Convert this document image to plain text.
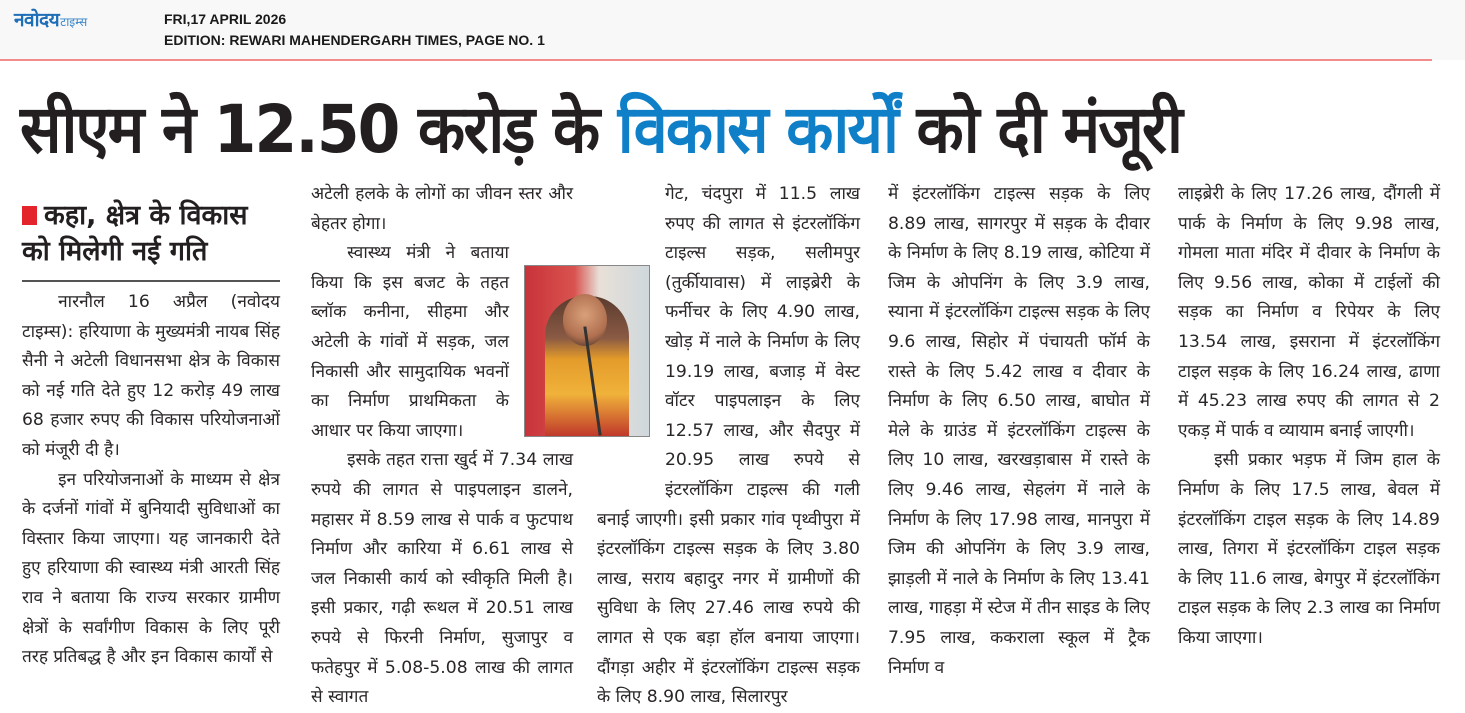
नवोदय टाइम्स	FRI,17 APRIL 2026
EDITION: REWARI MAHENDERGARH TIMES, PAGE NO. 1
सीएम ने 12.50 करोड़ के विकास कार्यों को दी मंजूरी
कहा, क्षेत्र के विकास को मिलेगी नई गति

नारनौल 16 अप्रैल (नवोदय टाइम्स): हरियाणा के मुख्यमंत्री नायब सिंह सैनी ने अटेली विधानसभा क्षेत्र के विकास को नई गति देते हुए 12 करोड़ 49 लाख 68 हजार रुपए की विकास परियोजनाओं को मंजूरी दी है।

इन परियोजनाओं के माध्यम से क्षेत्र के दर्जनों गांवों में बुनियादी सुविधाओं का विस्तार किया जाएगा। यह जानकारी देते हुए हरियाणा की स्वास्थ्य मंत्री आरती सिंह राव ने बताया कि राज्य सरकार ग्रामीण क्षेत्रों के सर्वांगीण विकास के लिए पूरी तरह प्रतिबद्ध है और इन विकास कार्यों से

अटेली हलके के लोगों का जीवन स्तर और बेहतर होगा।

स्वास्थ्य मंत्री ने बताया किया कि इस बजट के तहत ब्लॉक कनीना, सीहमा और अटेली के गांवों में सड़क, जल निकासी और सामुदायिक भवनों का निर्माण प्राथमिकता के आधार पर किया जाएगा।

इसके तहत रात्ता खुर्द में 7.34 लाख रुपये की लागत से पाइपलाइन डालने, महासर में 8.59 लाख से पार्क व फुटपाथ निर्माण और कारिया में 6.61 लाख से जल निकासी कार्य को स्वीकृति मिली है। इसी प्रकार, गढ़ी रूथल में 20.51 लाख रुपये से फिरनी निर्माण, सुजापुर व फतेहपुर में 5.08-5.08 लाख की लागत से स्वागत

गेट, चंदपुरा में 11.5 लाख रुपए की लागत से इंटरलॉकिंग टाइल्स सड़क, सलीमपुर (तुर्कीयावास) में लाइब्रेरी के फर्नीचर के लिए 4.90 लाख, खोड़ में नाले के निर्माण के लिए 19.19 लाख, बजाड़ में वेस्ट वॉटर पाइपलाइन के लिए 12.57 लाख, और सैदपुर में 20.95 लाख रुपये से इंटरलॉकिंग टाइल्स की गली बनाई जाएगी। इसी प्रकार गांव पृथ्वीपुरा में इंटरलॉकिंग टाइल्स सड़क के लिए 3.80 लाख, सराय बहादुर नगर में ग्रामीणों की सुविधा के लिए 27.46 लाख रुपये की लागत से एक बड़ा हॉल बनाया जाएगा। दौंगड़ा अहीर में इंटरलॉकिंग टाइल्स सड़क के लिए 8.90 लाख, सिलारपुर

में इंटरलॉकिंग टाइल्स सड़क के लिए 8.89 लाख, सागरपुर में सड़क के दीवार के निर्माण के लिए 8.19 लाख, कोटिया में जिम के ओपनिंग के लिए 3.9 लाख, स्याना में इंटरलॉकिंग टाइल्स सड़क के लिए 9.6 लाख, सिहोर में पंचायती फॉर्म के रास्ते के लिए 5.42 लाख व दीवार के निर्माण के लिए 6.50 लाख, बाघोत में मेले के ग्राउंड में इंटरलॉकिंग टाइल्स के लिए 10 लाख, खरखड़ाबास में रास्ते के लिए 9.46 लाख, सेहलंग में नाले के निर्माण के लिए 17.98 लाख, मानपुरा में जिम की ओपनिंग के लिए 3.9 लाख, झाड़ली में नाले के निर्माण के लिए 13.41 लाख, गाहड़ा में स्टेज में तीन साइड के लिए 7.95 लाख, ककराला स्कूल में ट्रैक निर्माण व

लाइब्रेरी के लिए 17.26 लाख, दौंगली में पार्क के निर्माण के लिए 9.98 लाख, गोमला माता मंदिर में दीवार के निर्माण के लिए 9.56 लाख, कोका में टाईलों की सड़क का निर्माण व रिपेयर के लिए 13.54 लाख, इसराना में इंटरलॉकिंग टाइल सड़क के लिए 16.24 लाख, ढाणा में 45.23 लाख रुपए की लागत से 2 एकड़ में पार्क व व्यायाम बनाई जाएगी।

इसी प्रकार भड़फ में जिम हाल के निर्माण के लिए 17.5 लाख, बेवल में इंटरलॉकिंग टाइल सड़क के लिए 14.89 लाख, तिगरा में इंटरलॉकिंग टाइल सड़क के लिए 11.6 लाख, बेगपुर में इंटरलॉकिंग टाइल सड़क के लिए 2.3 लाख का निर्माण किया जाएगा।
